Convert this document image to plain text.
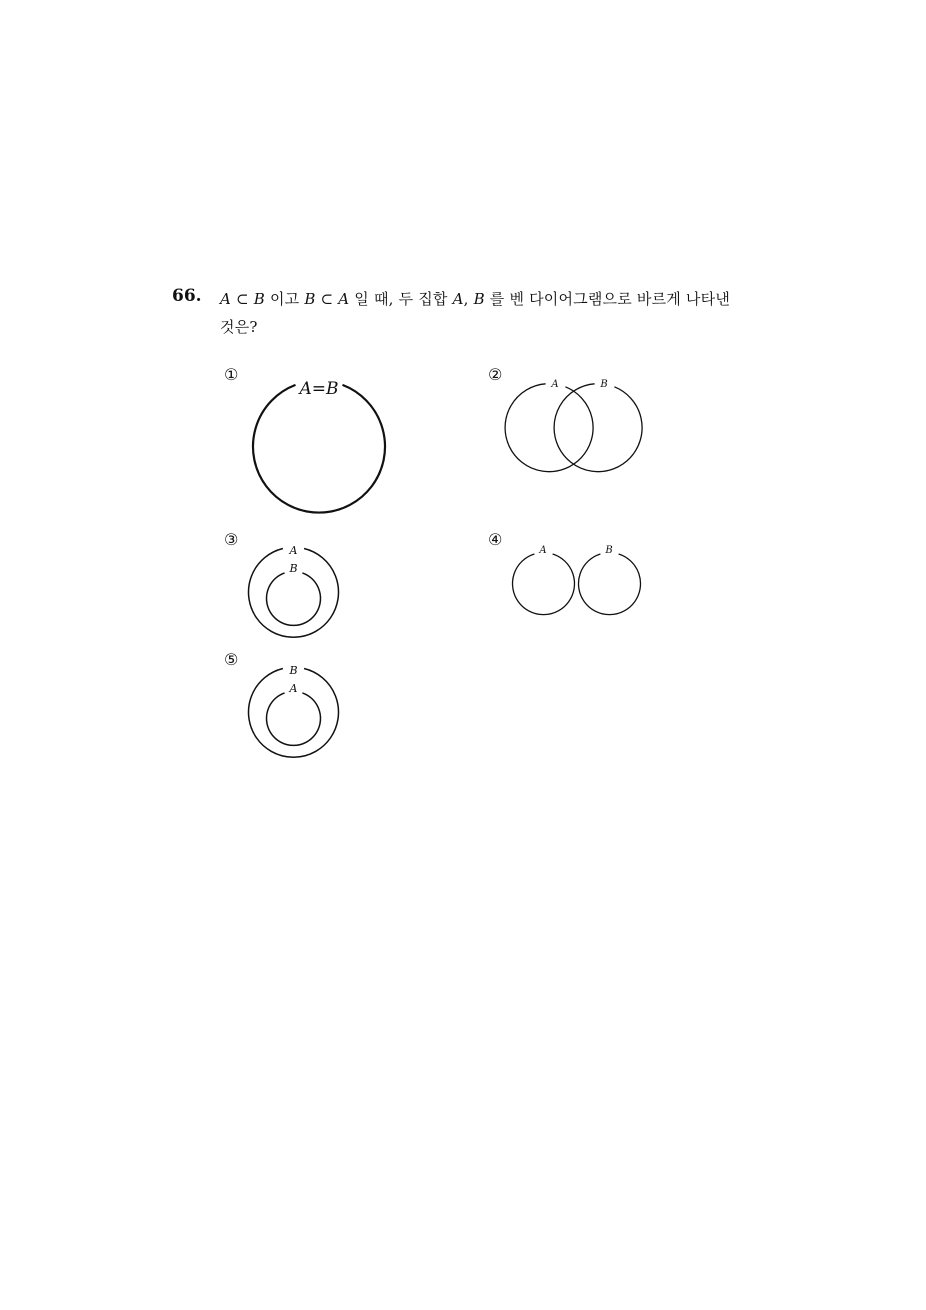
66. A ⊂ B 이고 B ⊂ A 일 때, 두 집합 A, B 를 벤 다이어그램으로 바르게 나타낸
것은?
①
A=B
②
A	B
③
A
B
④
A	B
⑤
B
A
